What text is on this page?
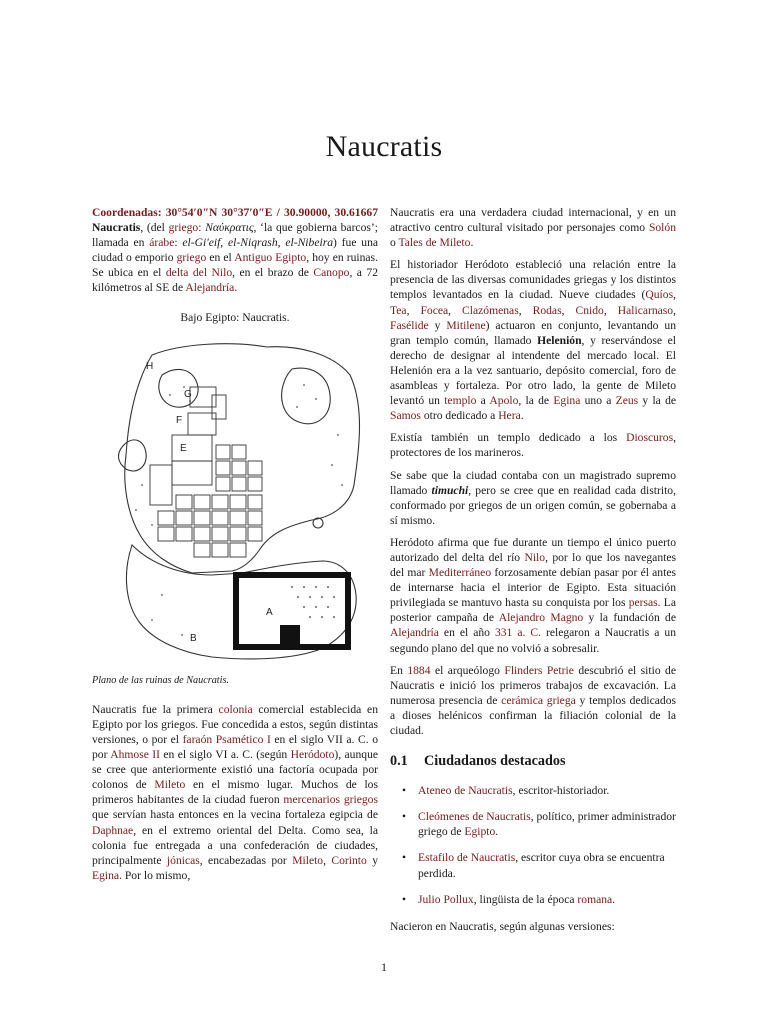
Naucratis

Coordenadas: 30°54′0″N 30°37′0″E / 30.90000, 30.61667 Naucratis, (del griego: Ναύκρατις, ‘la que gobierna barcos’; llamada en árabe: el-Gi'eif, el-Niqrash, el-Nibeira) fue una ciudad o emporio griego en el Antiguo Egipto, hoy en ruinas. Se ubica en el delta del Nilo, en el brazo de Canopo, a 72 kilómetros al SE de Alejandría.

Bajo Egipto: Naucratis.
H
G
F
E
A
B
Plano de las ruinas de Naucratis.

Naucratis fue la primera colonia comercial establecida en Egipto por los griegos. Fue concedida a estos, según distintas versiones, o por el faraón Psamético I en el siglo VII a. C. o por Ahmose II en el siglo VI a. C. (según Heródoto), aunque se cree que anteriormente existió una factoría ocupada por colonos de Mileto en el mismo lugar. Muchos de los primeros habitantes de la ciudad fueron mercenarios griegos que servían hasta entonces en la vecina fortaleza egipcia de Daphnae, en el extremo oriental del Delta. Como sea, la colonia fue entregada a una confederación de ciudades, principalmente jónicas, encabezadas por Mileto, Corinto y Egina. Por lo mismo,

Naucratis era una verdadera ciudad internacional, y en un atractivo centro cultural visitado por personajes como Solón o Tales de Mileto.

El historiador Heródoto estableció una relación entre la presencia de las diversas comunidades griegas y los distintos templos levantados en la ciudad. Nueve ciudades (Quíos, Tea, Focea, Clazómenas, Rodas, Cnido, Halicarnaso, Fasélide y Mitilene) actuaron en conjunto, levantando un gran templo común, llamado Helenión, y reservándose el derecho de designar al intendente del mercado local. El Helenión era a la vez santuario, depósito comercial, foro de asambleas y fortaleza. Por otro lado, la gente de Mileto levantó un templo a Apolo, la de Egina uno a Zeus y la de Samos otro dedicado a Hera.

Existía también un templo dedicado a los Dioscuros, protectores de los marineros.

Se sabe que la ciudad contaba con un magistrado supremo llamado timuchi, pero se cree que en realidad cada distrito, conformado por griegos de un origen común, se gobernaba a sí mismo.

Heródoto afirma que fue durante un tiempo el único puerto autorizado del delta del río Nilo, por lo que los navegantes del mar Mediterráneo forzosamente debían pasar por él antes de internarse hacia el interior de Egipto. Esta situación privilegiada se mantuvo hasta su conquista por los persas. La posterior campaña de Alejandro Magno y la fundación de Alejandría en el año 331 a. C. relegaron a Naucratis a un segundo plano del que no volvió a sobresalir.

En 1884 el arqueólogo Flinders Petrie descubrió el sitio de Naucratis e inició los primeros trabajos de excavación. La numerosa presencia de cerámica griega y templos dedicados a dioses helénicos confirman la filiación colonial de la ciudad.

0.1 Ciudadanos destacados
• Ateneo de Naucratis, escritor-historiador.
• Cleómenes de Naucratis, político, primer administrador griego de Egipto.
• Estafilo de Naucratis, escritor cuya obra se encuentra perdida.
• Julio Pollux, lingüista de la época romana.

Nacieron en Naucratis, según algunas versiones:

1
